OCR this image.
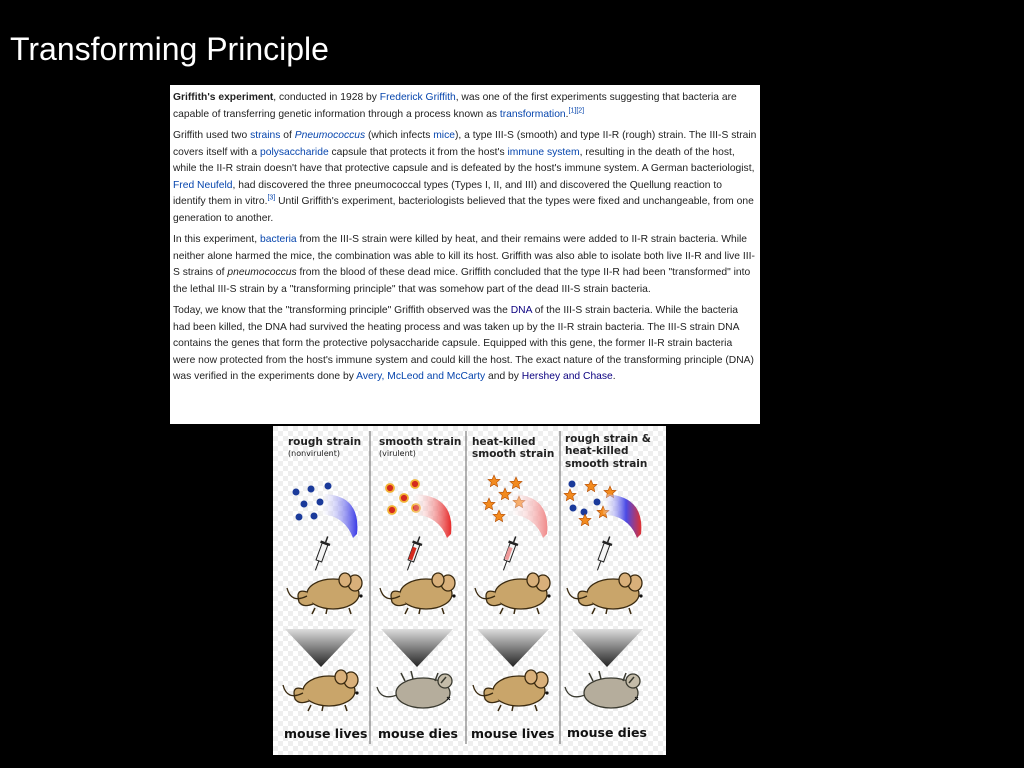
Transforming Principle

Griffith's experiment, conducted in 1928 by Frederick Griffith, was one of the first experiments suggesting that bacteria are capable of transferring genetic information through a process known as transformation.[1][2]

Griffith used two strains of Pneumococcus (which infects mice), a type III-S (smooth) and type II-R (rough) strain. The III-S strain covers itself with a polysaccharide capsule that protects it from the host's immune system, resulting in the death of the host, while the II-R strain doesn't have that protective capsule and is defeated by the host's immune system. A German bacteriologist, Fred Neufeld, had discovered the three pneumococcal types (Types I, II, and III) and discovered the Quellung reaction to identify them in vitro.[3] Until Griffith's experiment, bacteriologists believed that the types were fixed and unchangeable, from one generation to another.

In this experiment, bacteria from the III-S strain were killed by heat, and their remains were added to II-R strain bacteria. While neither alone harmed the mice, the combination was able to kill its host. Griffith was also able to isolate both live II-R and live III-S strains of pneumococcus from the blood of these dead mice. Griffith concluded that the type II-R had been "transformed" into the lethal III-S strain by a "transforming principle" that was somehow part of the dead III-S strain bacteria.

Today, we know that the "transforming principle" Griffith observed was the DNA of the III-S strain bacteria. While the bacteria had been killed, the DNA had survived the heating process and was taken up by the II-R strain bacteria. The III-S strain DNA contains the genes that form the protective polysaccharide capsule. Equipped with this gene, the former II-R strain bacteria were now protected from the host's immune system and could kill the host. The exact nature of the transforming principle (DNA) was verified in the experiments done by Avery, McLeod and McCarty and by Hershey and Chase.

rough strain
(nonvirulent)
mouse lives
smooth strain
(virulent)
mouse dies
heat-killed
smooth strain
mouse lives
rough strain &
heat-killed
smooth strain
mouse dies
